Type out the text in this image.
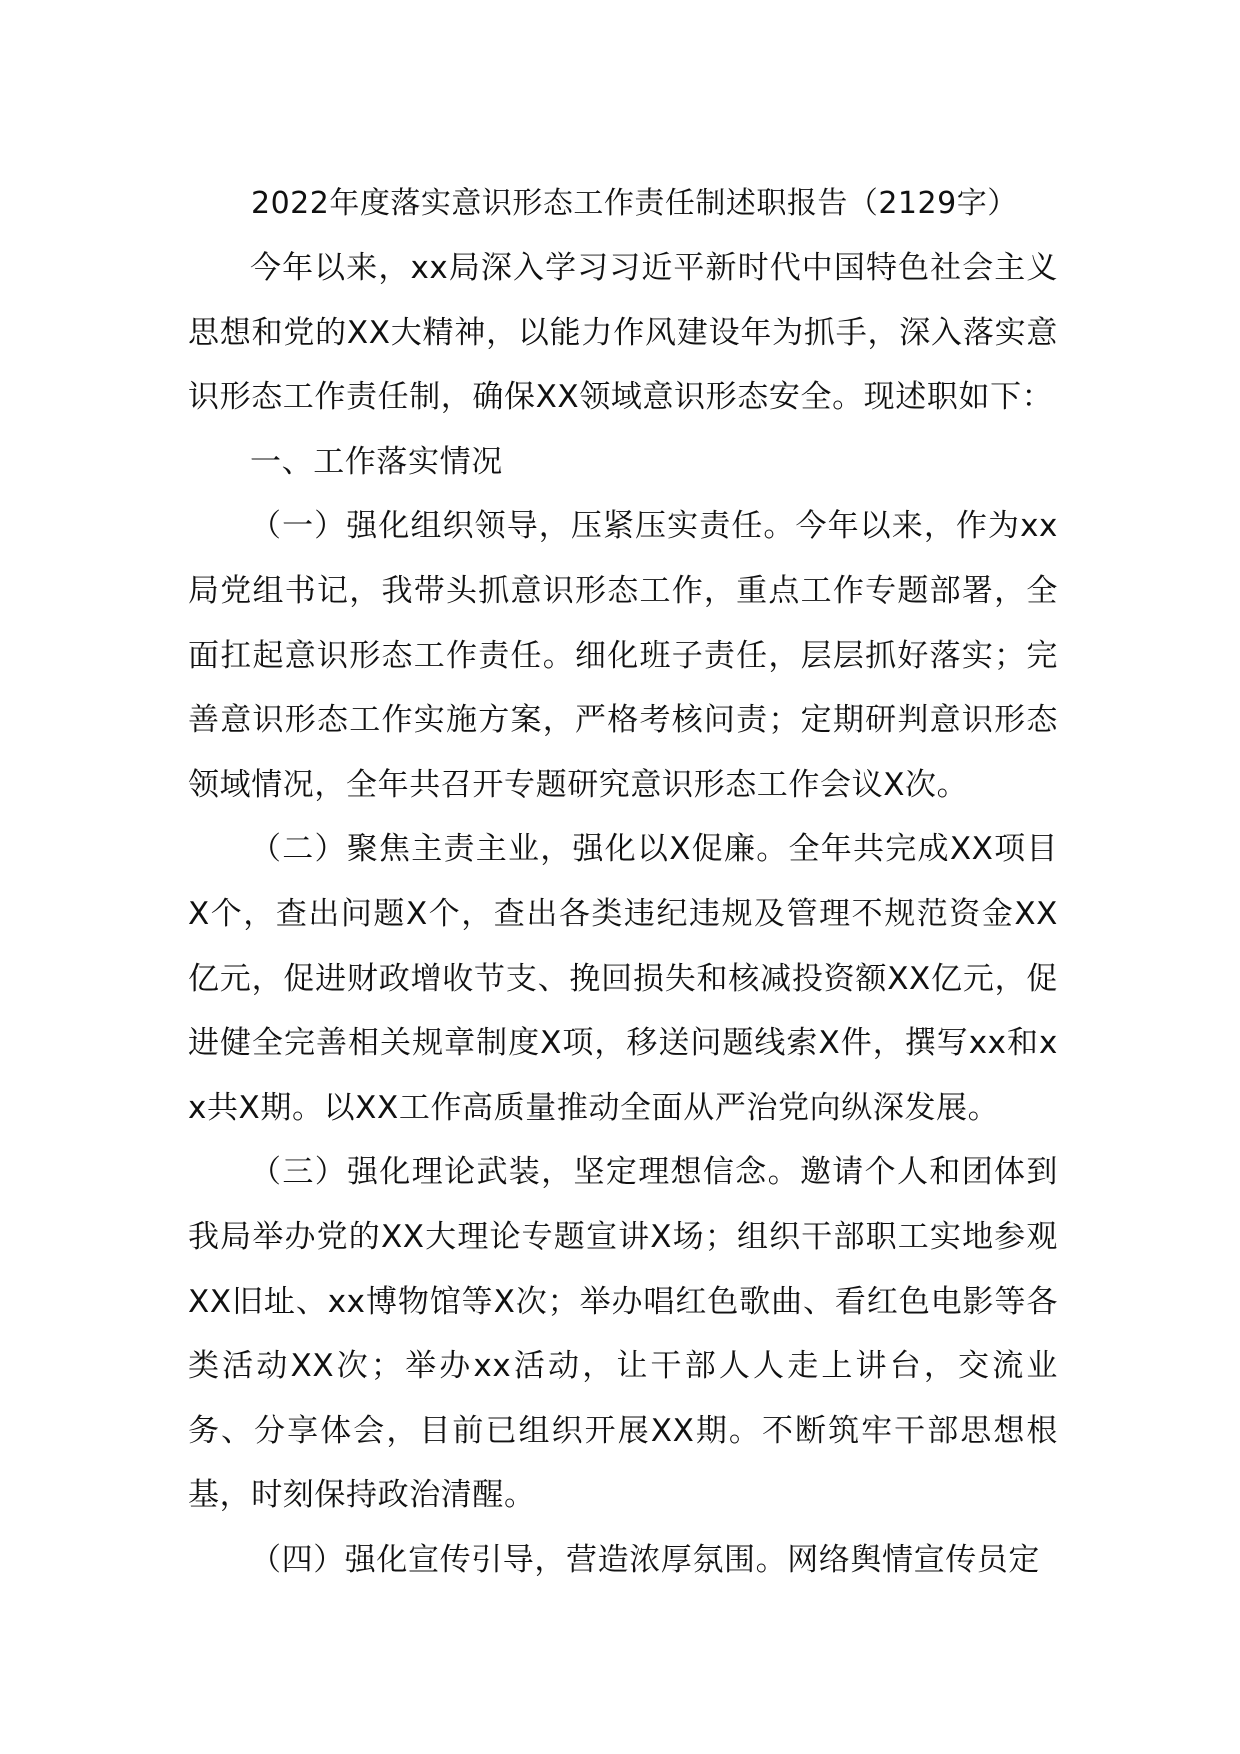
2022年度落实意识形态工作责任制述职报告（2129字）

今年以来，xx局深入学习习近平新时代中国特色社会主义思想和党的XX大精神，以能力作风建设年为抓手，深入落实意识形态工作责任制，确保XX领域意识形态安全。现述职如下：

一、工作落实情况

（一）强化组织领导，压紧压实责任。今年以来，作为xx局党组书记，我带头抓意识形态工作，重点工作专题部署，全面扛起意识形态工作责任。细化班子责任，层层抓好落实；完善意识形态工作实施方案，严格考核问责；定期研判意识形态领域情况，全年共召开专题研究意识形态工作会议X次。

（二）聚焦主责主业，强化以X促廉。全年共完成XX项目X个，查出问题X个，查出各类违纪违规及管理不规范资金XX亿元，促进财政增收节支、挽回损失和核减投资额XX亿元，促进健全完善相关规章制度X项，移送问题线索X件，撰写xx和xx共X期。以XX工作高质量推动全面从严治党向纵深发展。

（三）强化理论武装，坚定理想信念。邀请个人和团体到我局举办党的XX大理论专题宣讲X场；组织干部职工实地参观XX旧址、xx博物馆等X次；举办唱红色歌曲、看红色电影等各类活动XX次；举办xx活动，让干部人人走上讲台，交流业务、分享体会，目前已组织开展XX期。不断筑牢干部思想根基，时刻保持政治清醒。

（四）强化宣传引导，营造浓厚氛围。网络舆情宣传员定
